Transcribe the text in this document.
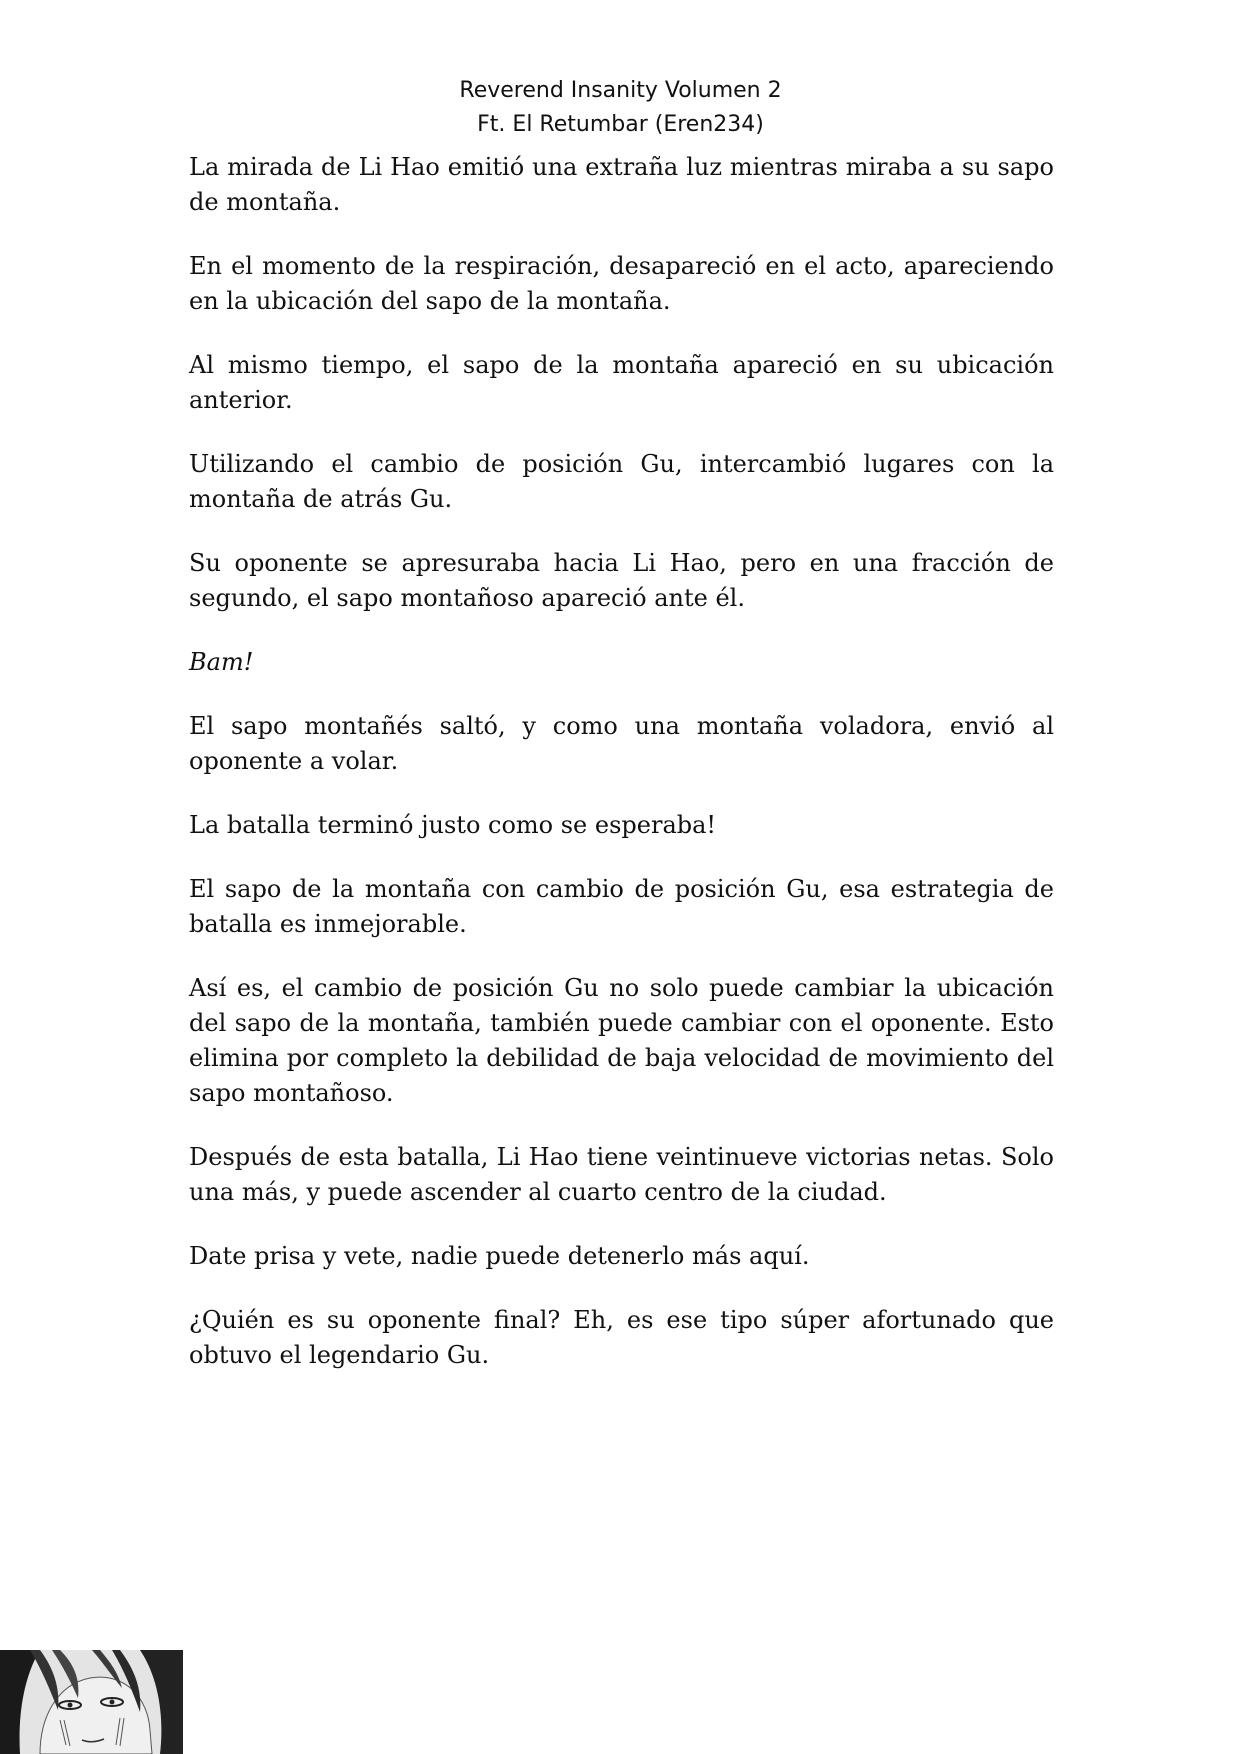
Reverend Insanity Volumen 2
Ft. El Retumbar (Eren234)

La mirada de Li Hao emitió una extraña luz mientras miraba a su sapo de montaña.

En el momento de la respiración, desapareció en el acto, apareciendo en la ubicación del sapo de la montaña.

Al mismo tiempo, el sapo de la montaña apareció en su ubicación anterior.

Utilizando el cambio de posición Gu, intercambió lugares con la montaña de atrás Gu.

Su oponente se apresuraba hacia Li Hao, pero en una fracción de segundo, el sapo montañoso apareció ante él.

Bam!

El sapo montañés saltó, y como una montaña voladora, envió al oponente a volar.

La batalla terminó justo como se esperaba!

El sapo de la montaña con cambio de posición Gu, esa estrategia de batalla es inmejorable.

Así es, el cambio de posición Gu no solo puede cambiar la ubicación del sapo de la montaña, también puede cambiar con el oponente. Esto elimina por completo la debilidad de baja velocidad de movimiento del sapo montañoso.

Después de esta batalla, Li Hao tiene veintinueve victorias netas. Solo una más, y puede ascender al cuarto centro de la ciudad.

Date prisa y vete, nadie puede detenerlo más aquí.

¿Quién es su oponente final? Eh, es ese tipo súper afortunado que obtuvo el legendario Gu.
